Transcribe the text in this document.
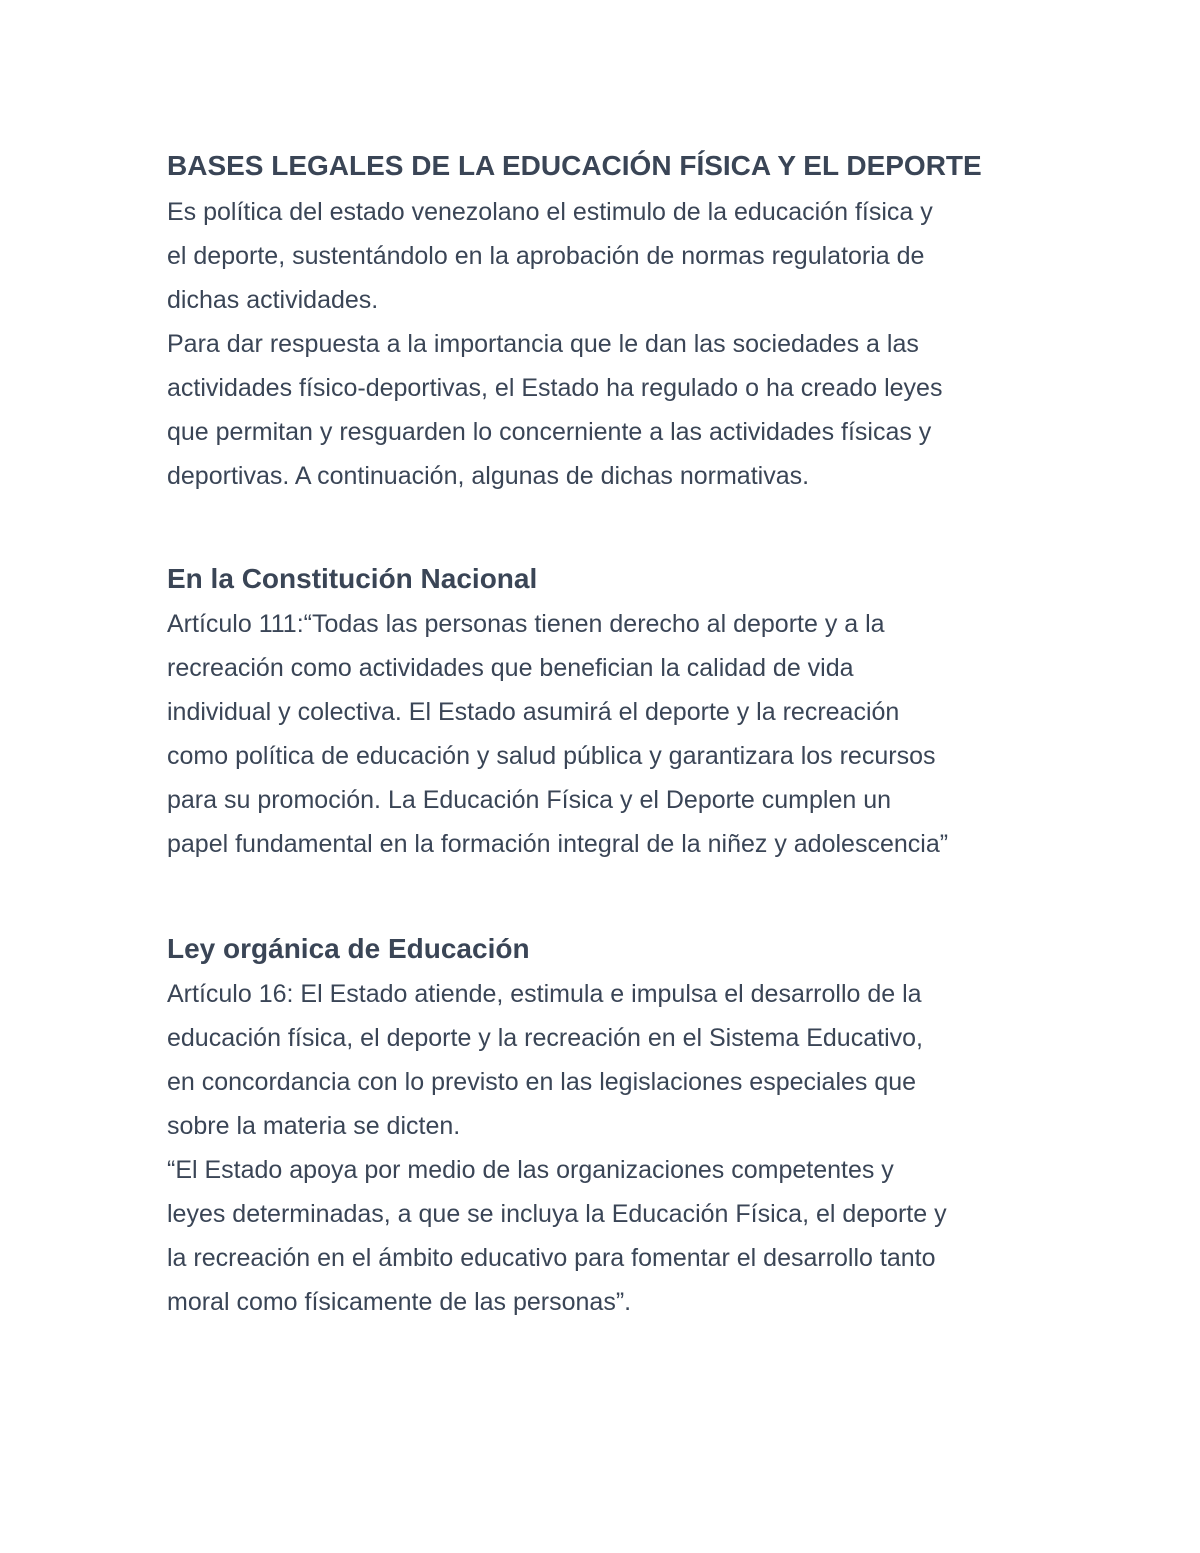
BASES LEGALES DE LA EDUCACIÓN FÍSICA Y EL DEPORTE

Es política del estado venezolano el estimulo de la educación física y
el deporte, sustentándolo en la aprobación de normas regulatoria de
dichas actividades.

Para dar respuesta a la importancia que le dan las sociedades a las
actividades físico-deportivas, el Estado ha regulado o ha creado leyes
que permitan y resguarden lo concerniente a las actividades físicas y
deportivas. A continuación, algunas de dichas normativas.

En la Constitución Nacional

Artículo 111:“Todas las personas tienen derecho al deporte y a la
recreación como actividades que benefician la calidad de vida
individual y colectiva. El Estado asumirá el deporte y la recreación
como política de educación y salud pública y garantizara los recursos
para su promoción. La Educación Física y el Deporte cumplen un
papel fundamental en la formación integral de la niñez y adolescencia”

Ley orgánica de Educación

Artículo 16: El Estado atiende, estimula e impulsa el desarrollo de la
educación física, el deporte y la recreación en el Sistema Educativo,
en concordancia con lo previsto en las legislaciones especiales que
sobre la materia se dicten.

“El Estado apoya por medio de las organizaciones competentes y
leyes determinadas, a que se incluya la Educación Física, el deporte y
la recreación en el ámbito educativo para fomentar el desarrollo tanto
moral como físicamente de las personas”.
